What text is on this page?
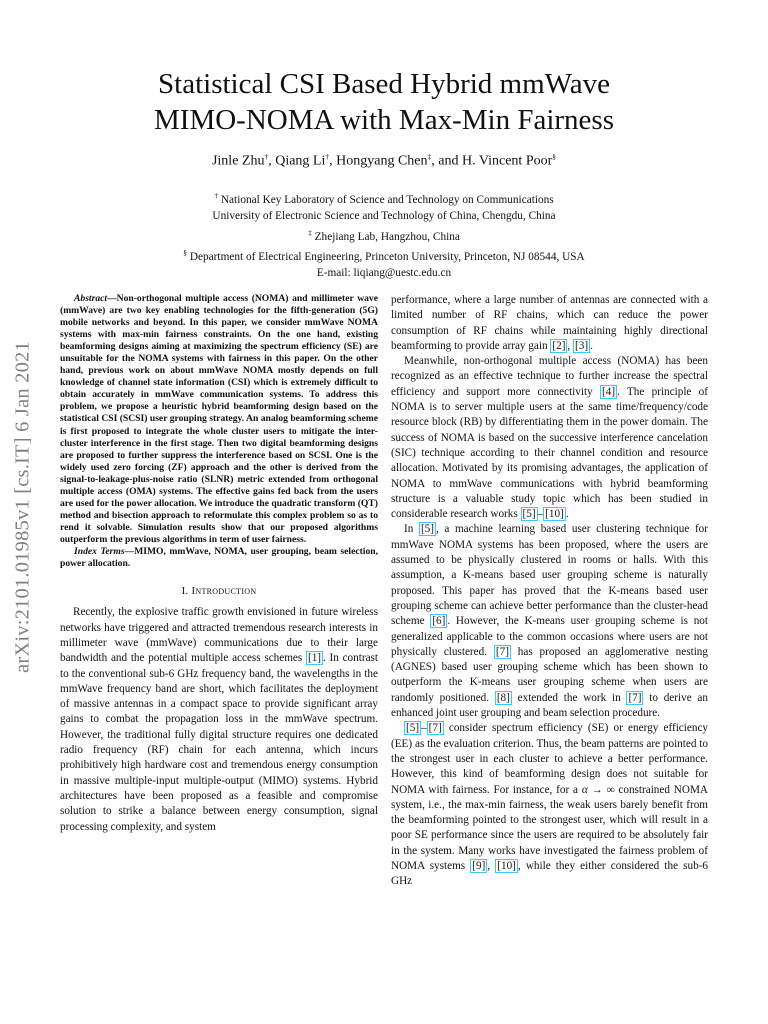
Statistical CSI Based Hybrid mmWave
MIMO-NOMA with Max-Min Fairness
Jinle Zhu†, Qiang Li†, Hongyang Chen‡, and H. Vincent Poor§
† National Key Laboratory of Science and Technology on Communications
University of Electronic Science and Technology of China, Chengdu, China
‡ Zhejiang Lab, Hangzhou, China
§ Department of Electrical Engineering, Princeton University, Princeton, NJ 08544, USA
E-mail: liqiang@uestc.edu.cn
arXiv:2101.01985v1 [cs.IT] 6 Jan 2021

Abstract—Non-orthogonal multiple access (NOMA) and millimeter wave (mmWave) are two key enabling technologies for the fifth-generation (5G) mobile networks and beyond. In this paper, we consider mmWave NOMA systems with max-min fairness constraints. On the one hand, existing beamforming designs aiming at maximizing the spectrum efficiency (SE) are unsuitable for the NOMA systems with fairness in this paper. On the other hand, previous work on about mmWave NOMA mostly depends on full knowledge of channel state information (CSI) which is extremely difficult to obtain accurately in mmWave communication systems. To address this problem, we propose a heuristic hybrid beamforming design based on the statistical CSI (SCSI) user grouping strategy. An analog beamforming scheme is first proposed to integrate the whole cluster users to mitigate the inter-cluster interference in the first stage. Then two digital beamforming designs are proposed to further suppress the interference based on SCSI. One is the widely used zero forcing (ZF) approach and the other is derived from the signal-to-leakage-plus-noise ratio (SLNR) metric extended from orthogonal multiple access (OMA) systems. The effective gains fed back from the users are used for the power allocation. We introduce the quadratic transform (QT) method and bisection approach to reformulate this complex problem so as to rend it solvable. Simulation results show that our proposed algorithms outperform the previous algorithms in term of user fairness.

Index Terms—MIMO, mmWave, NOMA, user grouping, beam selection, power allocation.

I. Introduction

Recently, the explosive traffic growth envisioned in future wireless networks have triggered and attracted tremendous research interests in millimeter wave (mmWave) communications due to their large bandwidth and the potential multiple access schemes [1] . In contrast to the conventional sub-6 GHz frequency band, the wavelengths in the mmWave frequency band are short, which facilitates the deployment of massive antennas in a compact space to provide significant array gains to combat the propagation loss in the mmWave spectrum. However, the traditional fully digital structure requires one dedicated radio frequency (RF) chain for each antenna, which incurs prohibitively high hardware cost and tremendous energy consumption in massive multiple-input multiple-output (MIMO) systems. Hybrid architectures have been proposed as a feasible and compromise solution to strike a balance between energy consumption, signal processing complexity, and system

performance, where a large number of antennas are connected with a limited number of RF chains, which can reduce the power consumption of RF chains while maintaining highly directional beamforming to provide array gain [2] , [3] .

Meanwhile, non-orthogonal multiple access (NOMA) has been recognized as an effective technique to further increase the spectral efficiency and support more connectivity [4] . The principle of NOMA is to server multiple users at the same time/frequency/code resource block (RB) by differentiating them in the power domain. The success of NOMA is based on the successive interference cancelation (SIC) technique according to their channel condition and resource allocation. Motivated by its promising advantages, the application of NOMA to mmWave communications with hybrid beamforming structure is a valuable study topic which has been studied in considerable research works [5] – [10] .

In [5] , a machine learning based user clustering technique for mmWave NOMA systems has been proposed, where the users are assumed to be physically clustered in rooms or halls. With this assumption, a K-means based user grouping scheme is naturally proposed. This paper has proved that the K-means based user grouping scheme can achieve better performance than the cluster-head scheme [6] . However, the K-means user grouping scheme is not generalized applicable to the common occasions where users are not physically clustered. [7] has proposed an agglomerative nesting (AGNES) based user grouping scheme which has been shown to outperform the K-means user grouping scheme when users are randomly positioned. [8] extended the work in [7] to derive an enhanced joint user grouping and beam selection procedure.

[5] – [7] consider spectrum efficiency (SE) or energy efficiency (EE) as the evaluation criterion. Thus, the beam patterns are pointed to the strongest user in each cluster to achieve a better performance. However, this kind of beamforming design does not suitable for NOMA with fairness. For instance, for a α → ∞ constrained NOMA system, i.e., the max-min fairness, the weak users barely benefit from the beamforming pointed to the strongest user, which will result in a poor SE performance since the users are required to be absolutely fair in the system. Many works have investigated the fairness problem of NOMA systems [9] , [10] , while they either considered the sub-6 GHz
